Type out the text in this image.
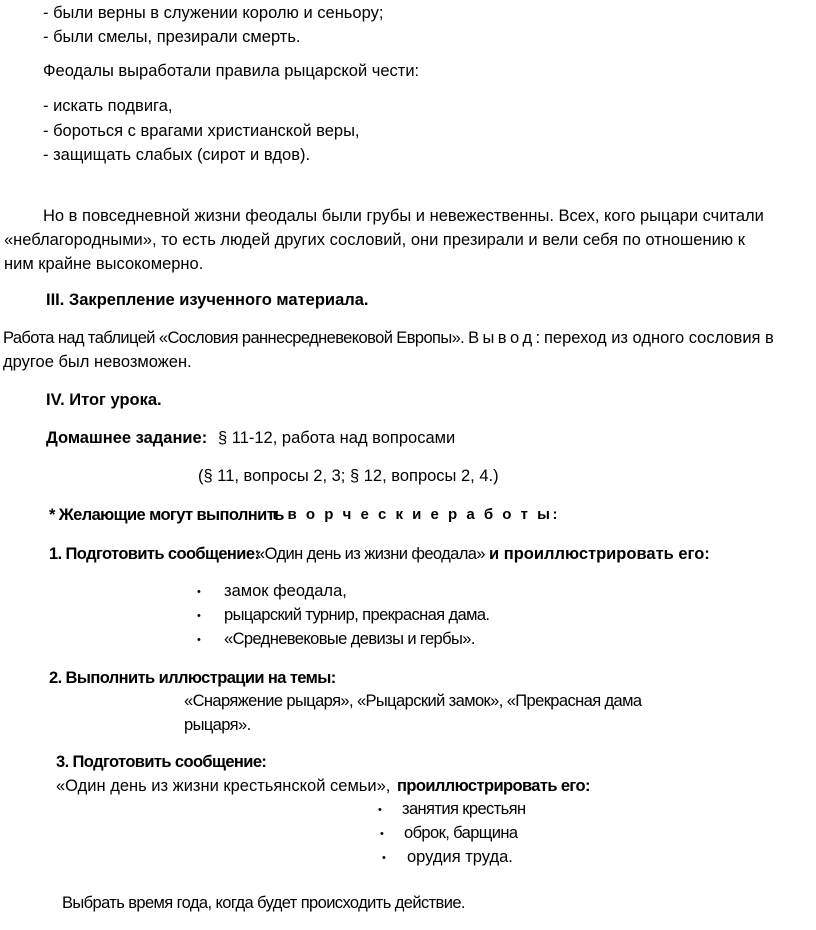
- были верны в служении королю и сеньору;
- были смелы, презирали смерть.
Феодалы выработали правила рыцарской чести:
- искать подвига,
- бороться с врагами христианской веры,
- защищать слабых (сирот и вдов).
Но в повседневной жизни феодалы были грубы и невежественны. Всех, кого рыцари считали
«неблагородными», то есть людей других сословий, они презирали и вели себя по отношению к
ним крайне высокомерно.
III. Закрепление изученного материала.
Работа над таблицей «Сословия раннесредневековой Европы». В ы в о д : переход из одного сословия в
другое был невозможен.
IV. Итог урока.
Домашнее задание: § 11-12, работа над вопросами
(§ 11, вопросы 2, 3; § 12, вопросы 2, 4.)
* Желающие могут выполнить
т в о р ч е с к и е р а б о т ы:
1. Подготовить сообщение:
«Один день из жизни феодала» и проиллюстрировать его:
• замок феодала,
• рыцарский турнир, прекрасная дама.
• «Средневековые девизы и гербы».
2. Выполнить иллюстрации на темы:
«Снаряжение рыцаря», «Рыцарский замок», «Прекрасная дама
рыцаря».
3. Подготовить сообщение:
«Один день из жизни крестьянской семьи», проиллюстрировать его:
• занятия крестьян
• оброк, барщина
• орудия труда.
Выбрать время года, когда будет происходить действие.
